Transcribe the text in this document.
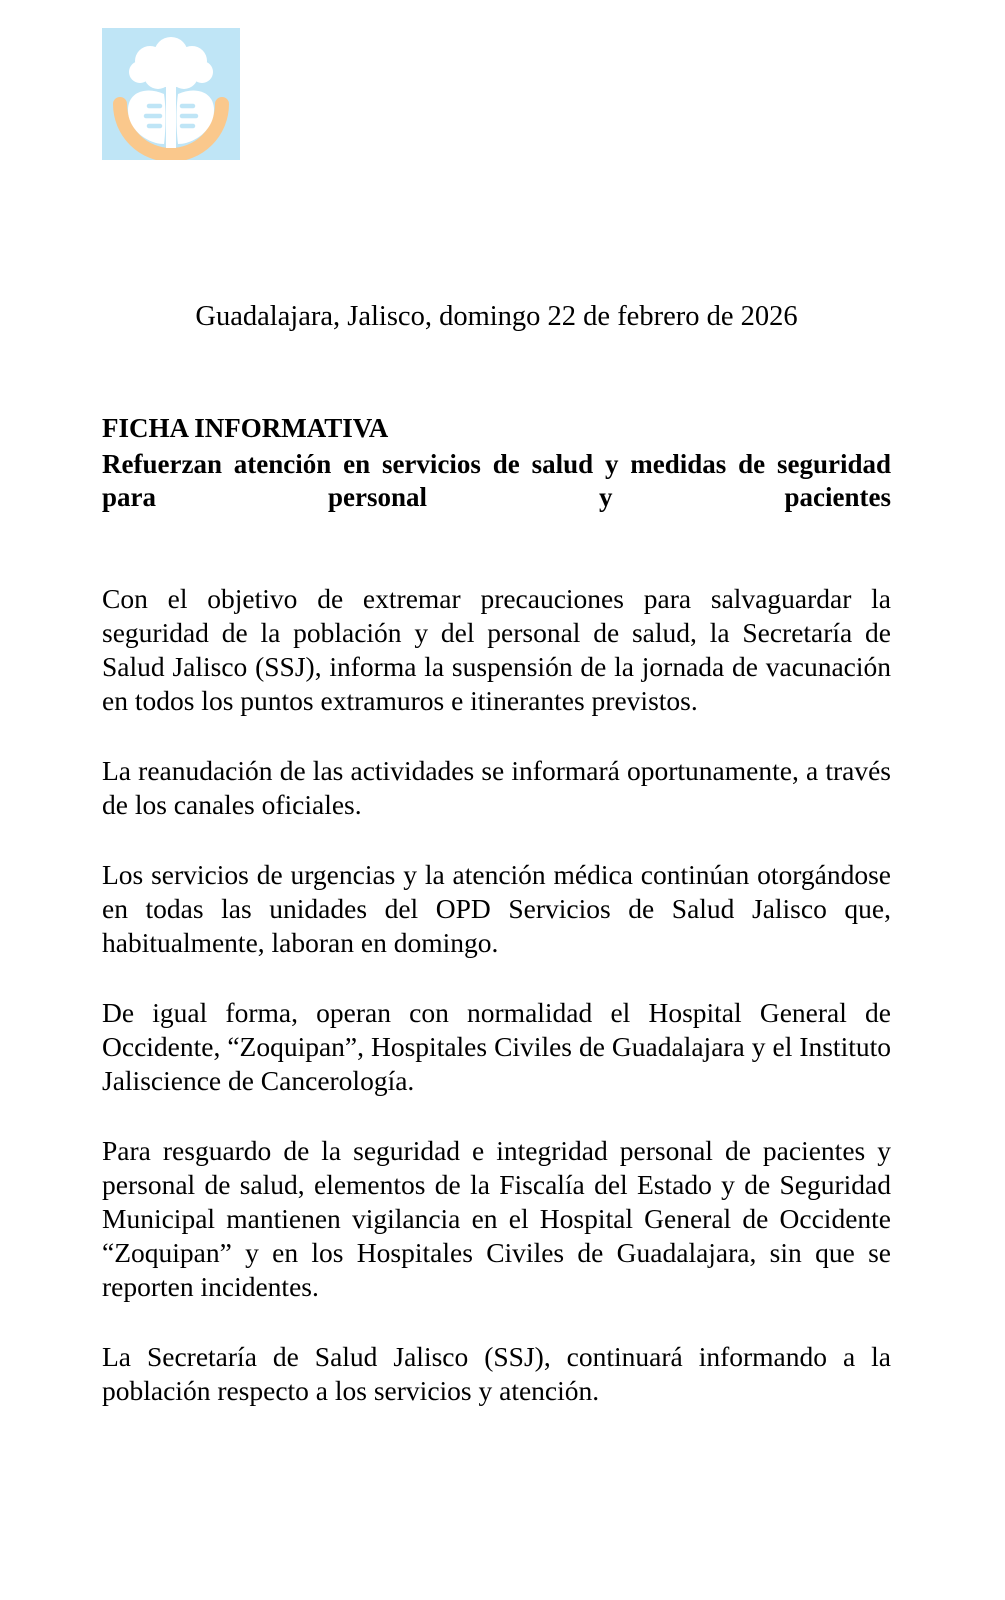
Guadalajara, Jalisco, domingo 22 de febrero de 2026
FICHA INFORMATIVA
Refuerzan atención en servicios de salud y medidas de seguridad para personal y pacientes

Con el objetivo de extremar precauciones para salvaguardar la seguridad de la población y del personal de salud, la Secretaría de Salud Jalisco (SSJ), informa la suspensión de la jornada de vacunación en todos los puntos extramuros e itinerantes previstos.

La reanudación de las actividades se informará oportunamente, a través de los canales oficiales.

Los servicios de urgencias y la atención médica continúan otorgándose en todas las unidades del OPD Servicios de Salud Jalisco que, habitualmente, laboran en domingo.

De igual forma, operan con normalidad el Hospital General de Occidente, “Zoquipan”, Hospitales Civiles de Guadalajara y el Instituto Jaliscience de Cancerología.

Para resguardo de la seguridad e integridad personal de pacientes y personal de salud, elementos de la Fiscalía del Estado y de Seguridad Municipal mantienen vigilancia en el Hospital General de Occidente “Zoquipan” y en los Hospitales Civiles de Guadalajara, sin que se reporten incidentes.

La Secretaría de Salud Jalisco (SSJ), continuará informando a la población respecto a los servicios y atención.
